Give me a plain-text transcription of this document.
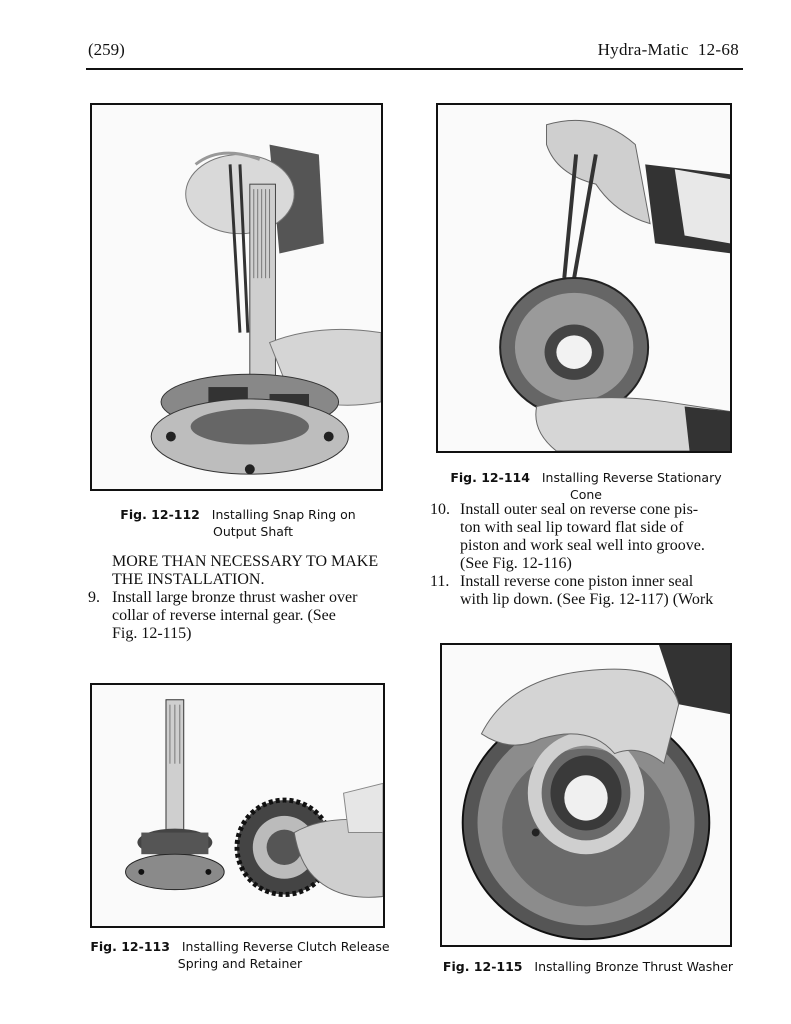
(259)	Hydra-Matic 12-68
Fig. 12-112 Installing Snap Ring on
Output Shaft
Fig. 12-114 Installing Reverse Stationary Cone

MORE THAN NECESSARY TO MAKE

THE INSTALLATION.

9. Install large bronze thrust washer over

collar of reverse internal gear. (See

Fig. 12-115)

10. Install outer seal on reverse cone pis-

ton with seal lip toward flat side of

piston and work seal well into groove.

(See Fig. 12-116)

11. Install reverse cone piston inner seal

with lip down. (See Fig. 12-117) (Work

Fig. 12-113 Installing Reverse Clutch Release
Spring and Retainer	Fig. 12-115 Installing Bronze Thrust Washer
